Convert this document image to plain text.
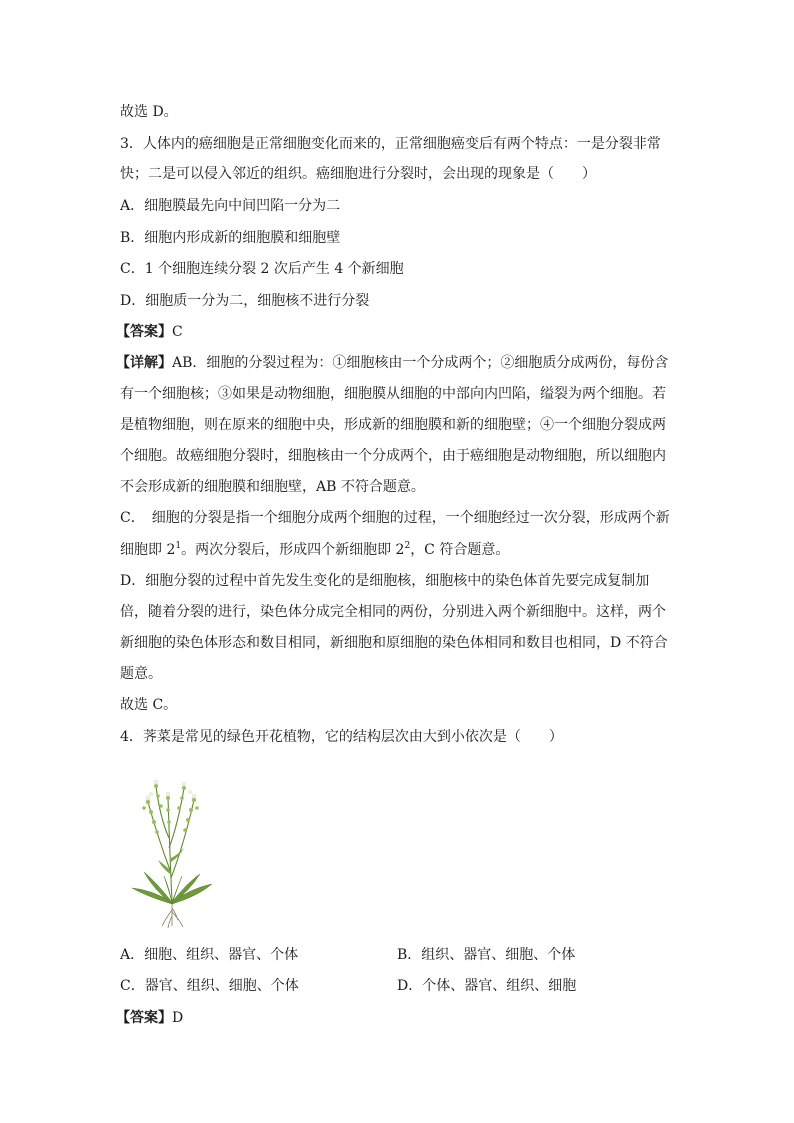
故选 D。
3．人体内的癌细胞是正常细胞变化而来的，正常细胞癌变后有两个特点：一是分裂非常
快；二是可以侵入邻近的组织。癌细胞进行分裂时，会出现的现象是（　　）
A．细胞膜最先向中间凹陷一分为二
B．细胞内形成新的细胞膜和细胞壁
C．1 个细胞连续分裂 2 次后产生 4 个新细胞
D．细胞质一分为二，细胞核不进行分裂
【答案】C
【详解】AB．细胞的分裂过程为：①细胞核由一个分成两个；②细胞质分成两份，每份含
有一个细胞核；③如果是动物细胞，细胞膜从细胞的中部向内凹陷，缢裂为两个细胞。若
是植物细胞，则在原来的细胞中央，形成新的细胞膜和新的细胞壁；④一个细胞分裂成两
个细胞。故癌细胞分裂时，细胞核由一个分成两个，由于癌细胞是动物细胞，所以细胞内
不会形成新的细胞膜和细胞壁，AB 不符合题意。
C．　细胞的分裂是指一个细胞分成两个细胞的过程，一个细胞经过一次分裂，形成两个新
细胞即 $2^1$。两次分裂后，形成四个新细胞即 $2^2$，C 符合题意。
D．细胞分裂的过程中首先发生变化的是细胞核，细胞核中的染色体首先要完成复制加
倍，随着分裂的进行，染色体分成完全相同的两份，分别进入两个新细胞中。这样，两个
新细胞的染色体形态和数目相同，新细胞和原细胞的染色体相同和数目也相同，D 不符合
题意。
故选 C。
4．荠菜是常见的绿色开花植物，它的结构层次由大到小依次是（　　）
A．细胞、组织、器官、个体	B．组织、器官、细胞、个体
C．器官、组织、细胞、个体	D．个体、器官、组织、细胞
【答案】D
